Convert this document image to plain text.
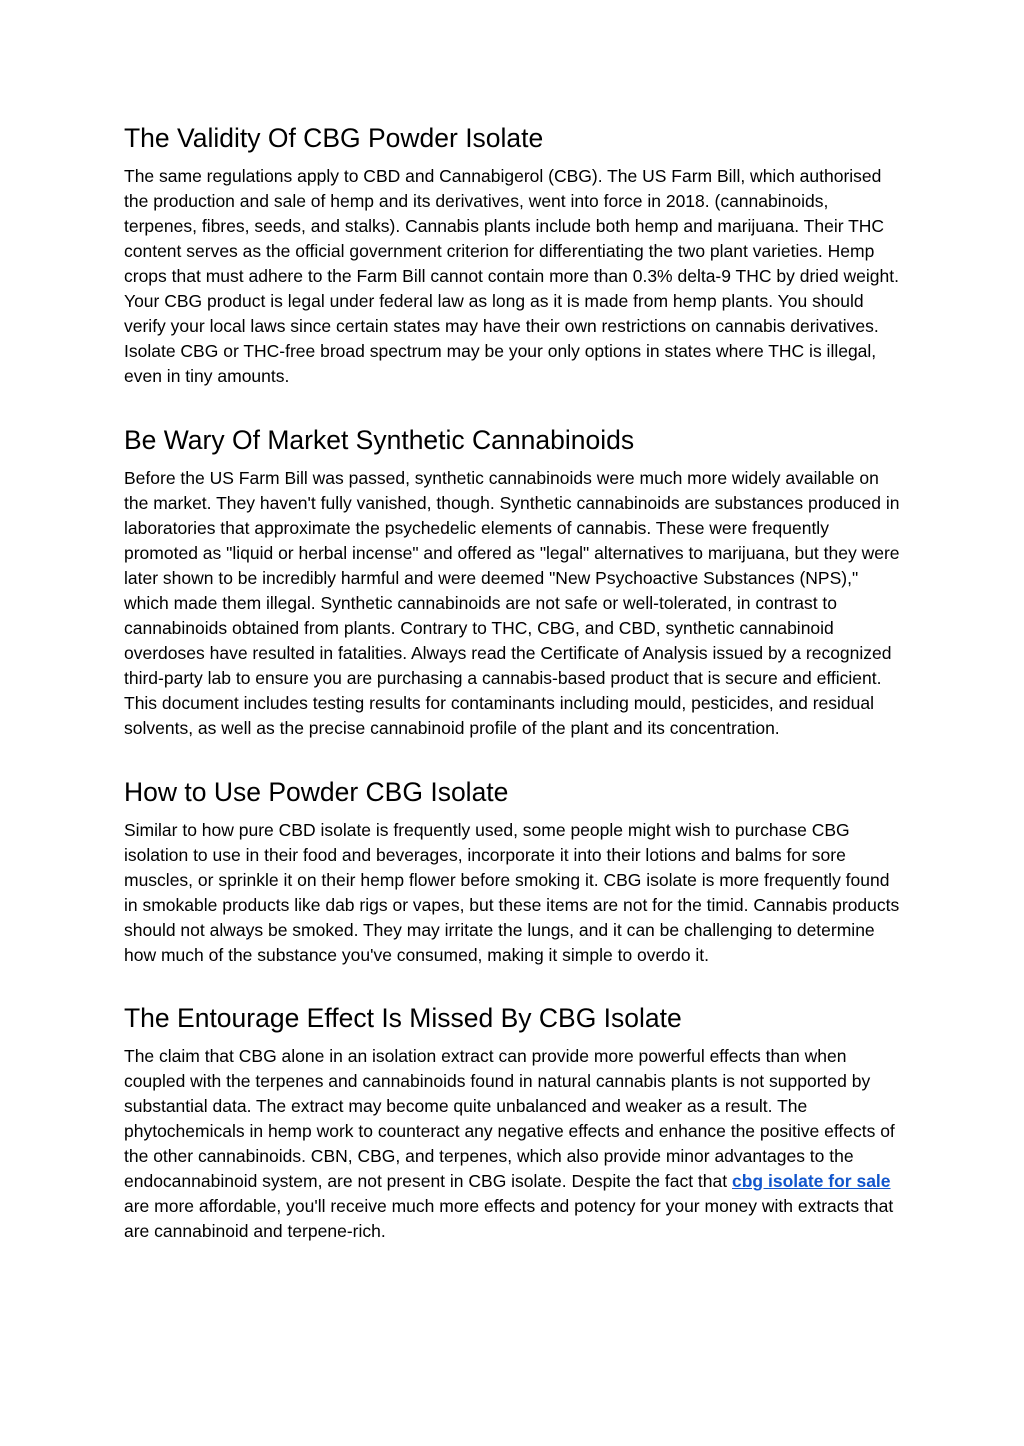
The Validity Of CBG Powder Isolate

The same regulations apply to CBD and Cannabigerol (CBG). The US Farm Bill, which authorised the production and sale of hemp and its derivatives, went into force in 2018. (cannabinoids, terpenes, fibres, seeds, and stalks). Cannabis plants include both hemp and marijuana. Their THC content serves as the official government criterion for differentiating the two plant varieties. Hemp crops that must adhere to the Farm Bill cannot contain more than 0.3% delta-9 THC by dried weight. Your CBG product is legal under federal law as long as it is made from hemp plants. You should verify your local laws since certain states may have their own restrictions on cannabis derivatives. Isolate CBG or THC-free broad spectrum may be your only options in states where THC is illegal, even in tiny amounts.

Be Wary Of Market Synthetic Cannabinoids

Before the US Farm Bill was passed, synthetic cannabinoids were much more widely available on the market. They haven't fully vanished, though. Synthetic cannabinoids are substances produced in laboratories that approximate the psychedelic elements of cannabis. These were frequently promoted as "liquid or herbal incense" and offered as "legal" alternatives to marijuana, but they were later shown to be incredibly harmful and were deemed "New Psychoactive Substances (NPS)," which made them illegal. Synthetic cannabinoids are not safe or well-tolerated, in contrast to cannabinoids obtained from plants. Contrary to THC, CBG, and CBD, synthetic cannabinoid overdoses have resulted in fatalities. Always read the Certificate of Analysis issued by a recognized third-party lab to ensure you are purchasing a cannabis-based product that is secure and efficient. This document includes testing results for contaminants including mould, pesticides, and residual solvents, as well as the precise cannabinoid profile of the plant and its concentration.

How to Use Powder CBG Isolate

Similar to how pure CBD isolate is frequently used, some people might wish to purchase CBG isolation to use in their food and beverages, incorporate it into their lotions and balms for sore muscles, or sprinkle it on their hemp flower before smoking it. CBG isolate is more frequently found in smokable products like dab rigs or vapes, but these items are not for the timid. Cannabis products should not always be smoked. They may irritate the lungs, and it can be challenging to determine how much of the substance you've consumed, making it simple to overdo it.

The Entourage Effect Is Missed By CBG Isolate

The claim that CBG alone in an isolation extract can provide more powerful effects than when coupled with the terpenes and cannabinoids found in natural cannabis plants is not supported by substantial data. The extract may become quite unbalanced and weaker as a result. The phytochemicals in hemp work to counteract any negative effects and enhance the positive effects of the other cannabinoids. CBN, CBG, and terpenes, which also provide minor advantages to the endocannabinoid system, are not present in CBG isolate. Despite the fact that cbg isolate for sale are more affordable, you'll receive much more effects and potency for your money with extracts that are cannabinoid and terpene-rich.
